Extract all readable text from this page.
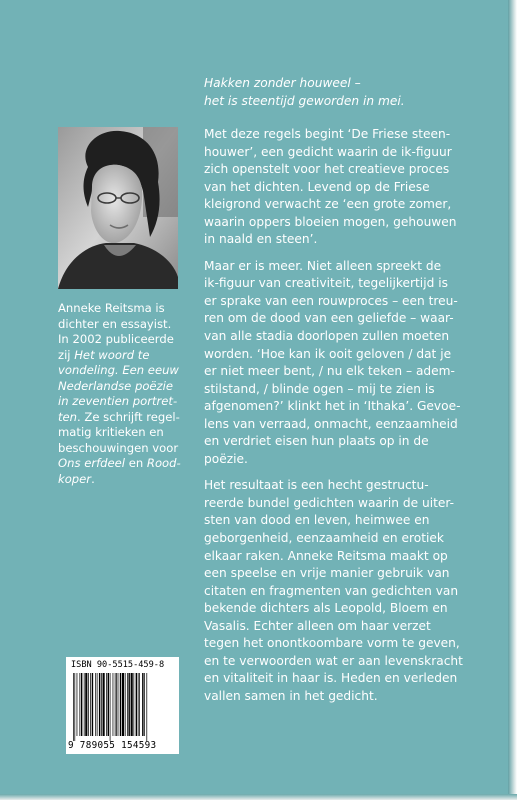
Hakken zonder houweel –
het is steentijd geworden in mei.
Anneke Reitsma is
dichter en essayist.
In 2002 publiceerde
zij Het woord te
vondeling. Een eeuw
Nederlandse poëzie
in zeventien portret-
ten. Ze schrijft regel-
matig kritieken en
beschouwingen voor
Ons erfdeel en Rood-
koper.
Met deze regels begint ‘De Friese steen-
houwer’, een gedicht waarin de ik-figuur
zich openstelt voor het creatieve proces
van het dichten. Levend op de Friese
kleigrond verwacht ze ‘een grote zomer,
waarin oppers bloeien mogen, gehouwen
in naald en steen’.
Maar er is meer. Niet alleen spreekt de
ik-figuur van creativiteit, tegelijkertijd is
er sprake van een rouwproces – een treu-
ren om de dood van een geliefde – waar-
van alle stadia doorlopen zullen moeten
worden. ‘Hoe kan ik ooit geloven / dat je
er niet meer bent, / nu elk teken – adem-
stilstand, / blinde ogen – mij te zien is
afgenomen?’ klinkt het in ‘Ithaka’. Gevoe-
lens van verraad, onmacht, eenzaamheid
en verdriet eisen hun plaats op in de
poëzie.
Het resultaat is een hecht gestructu-
reerde bundel gedichten waarin de uiter-
sten van dood en leven, heimwee en
geborgenheid, eenzaamheid en erotiek
elkaar raken. Anneke Reitsma maakt op
een speelse en vrije manier gebruik van
citaten en fragmenten van gedichten van
bekende dichters als Leopold, Bloem en
Vasalis. Echter alleen om haar verzet
tegen het onontkoombare vorm te geven,
en te verwoorden wat er aan levenskracht
en vitaliteit in haar is. Heden en verleden
vallen samen in het gedicht.
ISBN 90-5515-459-8
9 789055 154593
